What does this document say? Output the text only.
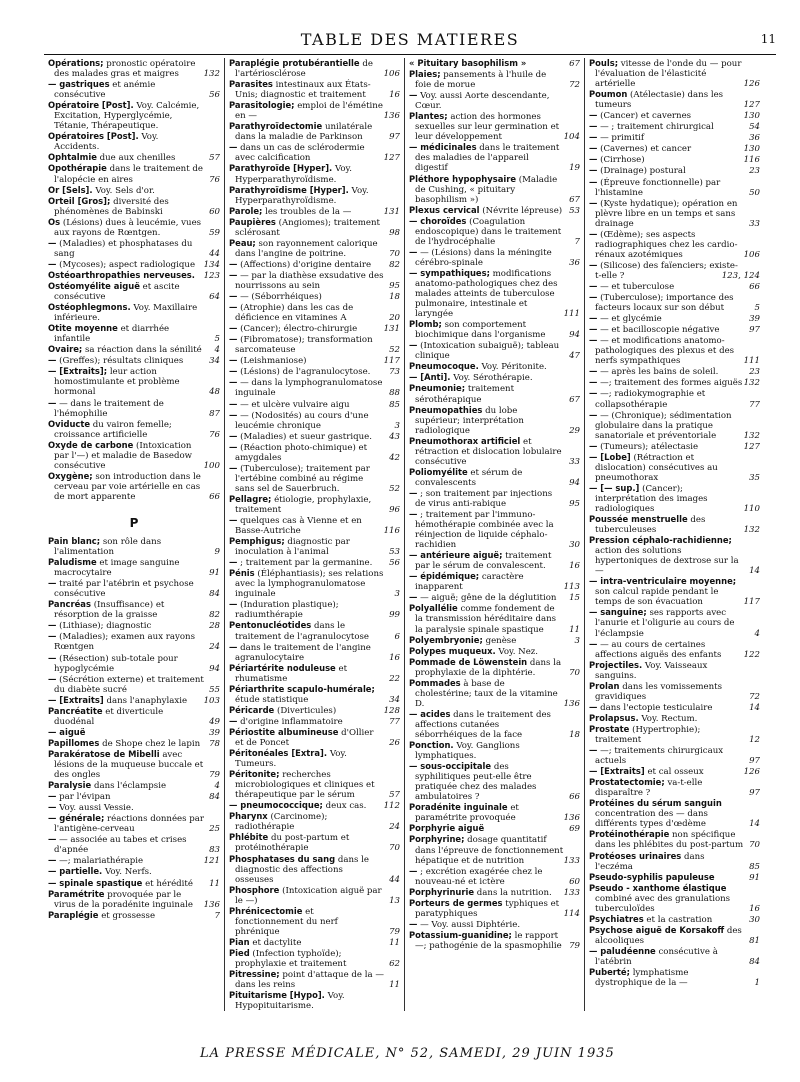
TABLE DES MATIERES	11

Opérations; pronostic opératoire des malades gras et maigres	132

— gastriques et anémie consécutive	56

Opératoire [Post]. Voy. Calcémie, Excitation, Hyperglycémie, Tétanie, Thérapeutique.

Opératoires [Post]. Voy. Accidents.

Ophtalmie due aux chenilles	57

Opothérapie dans le traitement de l'alopécie en aires	76

Or [Sels]. Voy. Sels d'or.

Orteil [Gros]; diversité des phénomènes de Babinski	60

Os (Lésions) dues à leucémie, vues aux rayons de Rœntgen.	59

— (Maladies) et phosphatases du sang	44

— (Mycoses); aspect radiologique 134

Ostéoarthropathies nerveuses. 123

Ostéomyélite aiguë et ascite consécutive	64

Ostéophlegmons. Voy. Maxillaire inférieure.

Otite moyenne et diarrhée infantile	5

Ovaire; sa réaction dans la sénilité 4

— (Greffes); résultats cliniques	34

— [Extraits]; leur action homostimulante et problème hormonal	48

— — dans le traitement de l'hémophilie	87

Oviducte du vairon femelle; croissance artificielle	76

Oxyde de carbone (Intoxication par l'—) et maladie de Basedow consécutive	100

Oxygène; son introduction dans le cerveau par voie artérielle en cas de mort apparente	66

P

Pain blanc; son rôle dans l'alimentation	9

Paludisme et image sanguine macrocytaire	91

— traité par l'atébrin et psychose consécutive	84

Pancréas (Insuffisance) et résorption de la graisse	82

— (Lithiase); diagnostic	28

— (Maladies); examen aux rayons Rœntgen	24

— (Résection) sub-totale pour hypoglycémie	94

— (Sécrétion externe) et traitement du diabète sucré	55

— [Extraits] dans l'anaphylaxie 103

Pancréatite et diverticule duodénal	49

— aiguë	39

Papillomes de Shope chez le lapin 78

Parakératose de Mibelli avec lésions de la muqueuse buccale et des ongles	79

Paralysie dans l'éclampsie	4

— par l'évipan	84

— Voy. aussi Vessie.

— générale; réactions données par l'antigène-cerveau	25

— — associée au tabes et crises d'apnée	83

— —; malariathérapie	121

— partielle. Voy. Nerfs.

— spinale spastique et hérédité 11

Paramétrite provoquée par le virus de la poradénite inguinale 136

Paraplégie et grossesse	7

Paraplégie protubérantielle de l'artériosclérose	106

Parasites intestinaux aux États-Unis; diagnostic et traitement	16

Parasitologie; emploi de l'émétine en —	136

Parathyroïdectomie unilatérale dans la maladie de Parkinson	97

— dans un cas de sclérodermie avec calcification	127

Parathyroïde [Hyper]. Voy. Hyperparathyroïdisme.

Parathyroïdisme [Hyper]. Voy. Hyperparathyroïdisme.

Parole; les troubles de la —	131

Paupières (Angiomes); traitement sclérosant	98

Peau; son rayonnement calorique dans l'angine de poitrine.	70

— (Affections) d'origine dentaire 82

— — par la diathèse exsudative des nourrissons au sein	95

— — (Séborrhéiques)	18

— (Atrophie) dans les cas de déficience en vitamines A	20

— (Cancer); électro-chirurgie	131

— (Fibromatose); transformation sarcomateuse	52

— (Leishmaniose)	117

— (Lésions) de l'agranulocytose. 73

— — dans la lymphogranulomatose inguinale	88

— — et ulcère vulvaire aigu	85

— — (Nodosités) au cours d'une leucémie chronique	3

— (Maladies) et sueur gastrique. 43

— (Réaction photo-chimique) et amygdales	42

— (Tuberculose); traitement par l'ertébine combiné au régime sans sel de Sauerbruch.	52

Pellagre; étiologie, prophylaxie, traitement	96

— quelques cas à Vienne et en Basse-Autriche	116

Pemphigus; diagnostic par inoculation à l'animal	53

— ; traitement par la germanine. 56

Pénis (Éléphantiasis); ses relations avec la lymphogranulomatose inguinale	3

— (Induration plastique); radiumthérapie	99

Pentonucléotides dans le traitement de l'agranulocytose	6

— dans le traitement de l'angine agranulocytaire	16

Périartérite noduleuse et rhumatisme	22

Périarthrite scapulo-humérale; étude statistique	34

Péricarde (Diverticules)	128

— d'origine inflammatoire	77

Périostite albumineuse d'Ollier et de Poncet	26

Péritonéales [Extra]. Voy. Tumeurs.

Péritonite; recherches microbiologiques et cliniques et thérapeutique par le sérum	57

— pneumococcique; deux cas. 112

Pharynx (Carcinome); radiothérapie	24

Phlébite du post-partum et protéinothérapie	70

Phosphatases du sang dans le diagnostic des affections osseuses	44

Phosphore (Intoxication aiguë par le —)	13

Phrénicectomie et fonctionnement du nerf phrénique	79

Pian et dactylite	11

Pied (Infection typhoïde); prophylaxie et traitement	62

Pitressine; point d'attaque de la — dans les reins	11

Pituitarisme [Hypo]. Voy. Hypopituitarisme.

« Pituitary basophilism »	67

Plaies; pansements à l'huile de foie de morue	72

— Voy. aussi Aorte descendante, Cœur.

Plantes; action des hormones sexuelles sur leur germination et leur développement	104

— médicinales dans le traitement des maladies de l'appareil digestif	19

Pléthore hypophysaire (Maladie de Cushing, « pituitary basophilism »)	67

Plexus cervical (Névrite lépreuse) 53

— choroïdes (Coagulation endoscopique) dans le traitement de l'hydrocéphalie	7

— — (Lésions) dans la méningite cérébro-spinale	36

— sympathiques; modifications anatomo-pathologiques chez des malades atteints de tuberculose pulmonaire, intestinale et laryngée	111

Plomb; son comportement biochimique dans l'organisme	94

— (Intoxication subaiguë); tableau clinique	47

Pneumocoque. Voy. Péritonite.

— [Anti]. Voy. Sérothérapie.

Pneumonie; traitement sérothérapique	67

Pneumopathies du lobe supérieur; interprétation radiologique	29

Pneumothorax artificiel et rétraction et dislocation lobulaire consécutive	33

Poliomyélite et sérum de convalescents	94

— ; son traitement par injections de virus anti-rabique	95

— ; traitement par l'immuno-hémothérapie combinée avec la réinjection de liquide céphalo-rachidien	30

— antérieure aiguë; traitement par le sérum de convalescent.	16

— épidémique; caractère inapparent	113

— — aiguë; gêne de la déglutition 15

Polyallélie comme fondement de la transmission héréditaire dans la paralysie spinale spastique	11

Polyembryonie; genèse	3

Polypes muqueux. Voy. Nez.

Pommade de Löwenstein dans la prophylaxie de la diphtérie.	70

Pommades à base de cholestérine; taux de la vitamine D.	136

— acides dans le traitement des affections cutanées séborrhéiques de la face	18

Ponction. Voy. Ganglions lymphatiques.

— sous-occipitale des syphilitiques peut-elle être pratiquée chez des malades ambulatoires ?	66

Poradénite inguinale et paramétrite provoquée	136

Porphyrie aiguë	69

Porphyrine; dosage quantitatif dans l'épreuve de fonctionnement hépatique et de nutrition	133

— ; excrétion exagérée chez le nouveau-né et ictère	60

Porphyrinurie dans la nutrition. 133

Porteurs de germes typhiques et paratyphiques	114

— — Voy. aussi Diphtérie.

Potassium-guanidine; le rapport —; pathogénie de la spasmophilie 79

Pouls; vitesse de l'onde du — pour l'évaluation de l'élasticité artérielle	126

Poumon (Atélectasie) dans les tumeurs	127

— (Cancer) et cavernes	130

— — ; traitement chirurgical	54

— — primitif	36

— (Cavernes) et cancer	130

— (Cirrhose)	116

— (Drainage) postural	23

— (Épreuve fonctionnelle) par l'histamine	50

— (Kyste hydatique); opération en plèvre libre en un temps et sans drainage	33

— (Œdème); ses aspects radiographiques chez les cardio-rénaux azotémiques	106

— (Silicose) des faïenciers; existe-t-elle ?	123, 124

— — et tuberculose	66

— (Tuberculose); importance des facteurs locaux sur son début	5

— — et glycémie	39

— — et bacilloscopie négative	97

— — et modifications anatomo-pathologiques des plexus et des nerfs sympathiques	111

— — après les bains de soleil.	23

— —; traitement des formes aiguës 132

— —; radiokymographie et collapsothérapie	77

— — (Chronique); sédimentation globulaire dans la pratique sanatoriale et préventoriale	132

— (Tumeurs); atélectasie	127

— [Lobe] (Rétraction et dislocation) consécutives au pneumothorax	35

— [— sup.] (Cancer); interprétation des images radiologiques	110

Poussée menstruelle des tuberculeuses	132

Pression céphalo-rachidienne; action des solutions hypertoniques de dextrose sur la —	14

— intra-ventriculaire moyenne; son calcul rapide pendant le temps de son évacuation	117

— sanguine; ses rapports avec l'anurie et l'oligurie au cours de l'éclampsie	4

— — au cours de certaines affections aiguës des enfants	122

Projectiles. Voy. Vaisseaux sanguins.

Prolan dans les vomissements gravidiques	72

— dans l'ectopie testiculaire	14

Prolapsus. Voy. Rectum.

Prostate (Hypertrophie); traitement	12

— —; traitements chirurgicaux actuels	97

— [Extraits] et cal osseux	126

Prostatectomie; va-t-elle disparaître ?	97

Protéines du sérum sanguin concentration des — dans différents types d'œdème	14

Protéinothérapie non spécifique dans les phlébites du post-partum 70

Protéoses urinaires dans l'eczéma	85

Pseudo-syphilis papuleuse	91

Pseudo - xanthome élastique combiné avec des granulations tuberculoïdes	16

Psychiatres et la castration	30

Psychose aiguë de Korsakoff des alcooliques	81

— paludéenne consécutive à l'atébrin	84

Puberté; lymphatisme dystrophique de la —	1

LA PRESSE MÉDICALE, N° 52, SAMEDI, 29 JUIN 1935
